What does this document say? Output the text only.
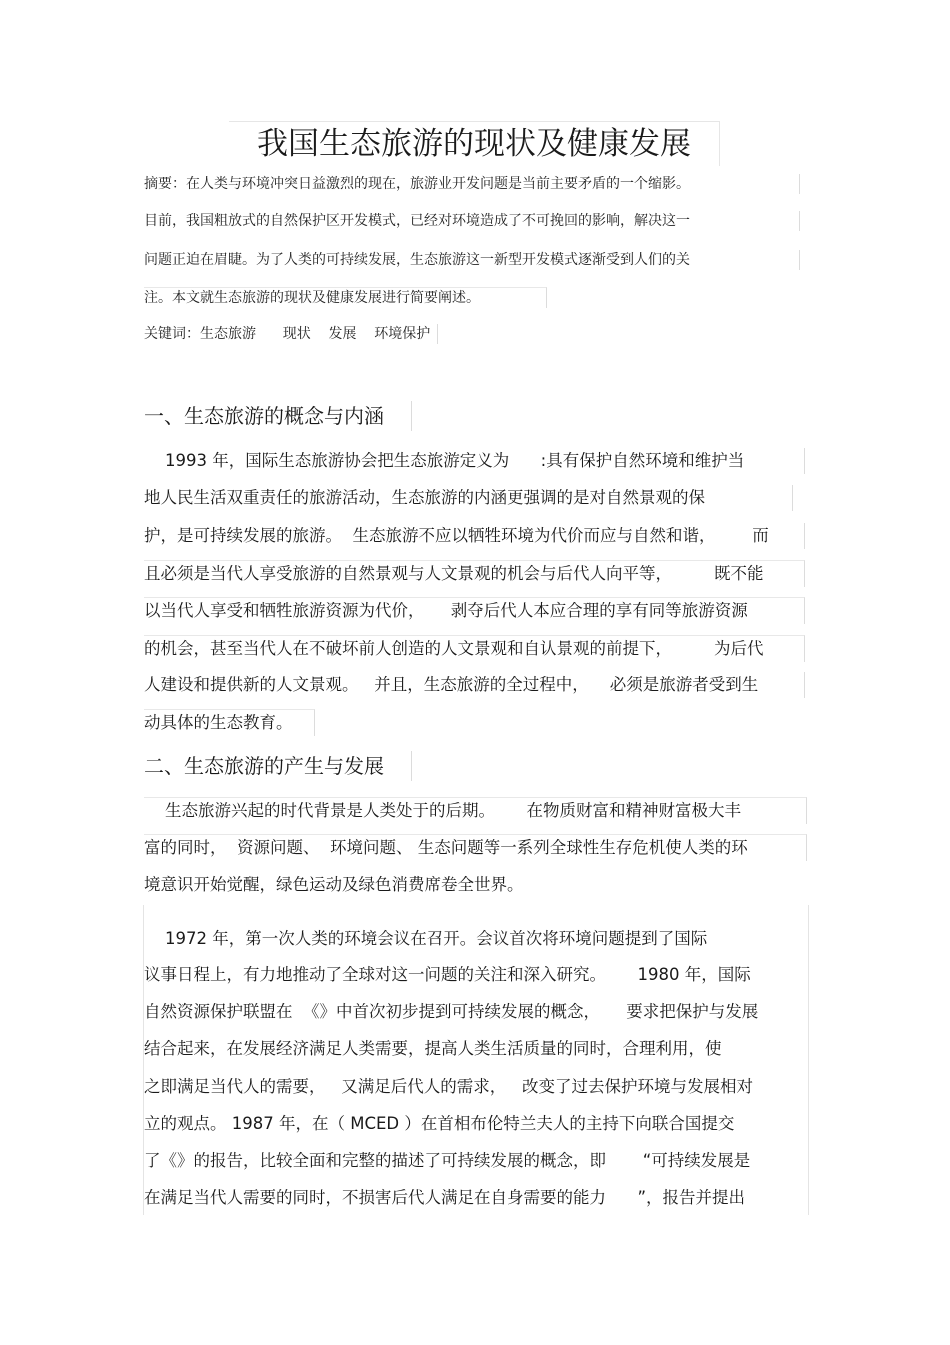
我国生态旅游的现状及健康发展
摘要：在人类与环境冲突日益激烈的现在，旅游业开发问题是当前主要矛盾的一个缩影。
目前，我国粗放式的自然保护区开发模式，已经对环境造成了不可挽回的影响，解决这一
问题正迫在眉睫。为了人类的可持续发展，生态旅游这一新型开发模式逐渐受到人们的关
注。本文就生态旅游的现状及健康发展进行简要阐述。
关键词：生态旅游      现状    发展    环境保护
一、生态旅游的概念与内涵
1993 年，国际生态旅游协会把生态旅游定义为      :具有保护自然环境和维护当
地人民生活双重责任的旅游活动，生态旅游的内涵更强调的是对自然景观的保
护，是可持续发展的旅游。  生态旅游不应以牺牲环境为代价而应与自然和谐，       而
且必须是当代人享受旅游的自然景观与人文景观的机会与后代人向平等，        既不能
以当代人享受和牺牲旅游资源为代价，     剥夺后代人本应合理的享有同等旅游资源
的机会，甚至当代人在不破坏前人创造的人文景观和自认景观的前提下，        为后代
人建设和提供新的人文景观。   并且，生态旅游的全过程中，    必须是旅游者受到生
动具体的生态教育。
二、生态旅游的产生与发展
生态旅游兴起的时代背景是人类处于的后期。      在物质财富和精神财富极大丰
富的同时，  资源问题、  环境问题、 生态问题等一系列全球性生存危机使人类的环
境意识开始觉醒，绿色运动及绿色消费席卷全世界。
1972 年，第一次人类的环境会议在召开。会议首次将环境问题提到了国际
议事日程上，有力地推动了全球对这一问题的关注和深入研究。      1980 年，国际
自然资源保护联盟在  《》中首次初步提到可持续发展的概念，     要求把保护与发展
结合起来，在发展经济满足人类需要，提高人类生活质量的同时，合理利用，使
之即满足当代人的需要，   又满足后代人的需求，   改变了过去保护环境与发展相对
立的观点。 1987 年，在（ MCED ）在首相布伦特兰夫人的主持下向联合国提交
了《》的报告，比较全面和完整的描述了可持续发展的概念，即       “可持续发展是
在满足当代人需要的同时，不损害后代人满足在自身需要的能力      ”，报告并提出
